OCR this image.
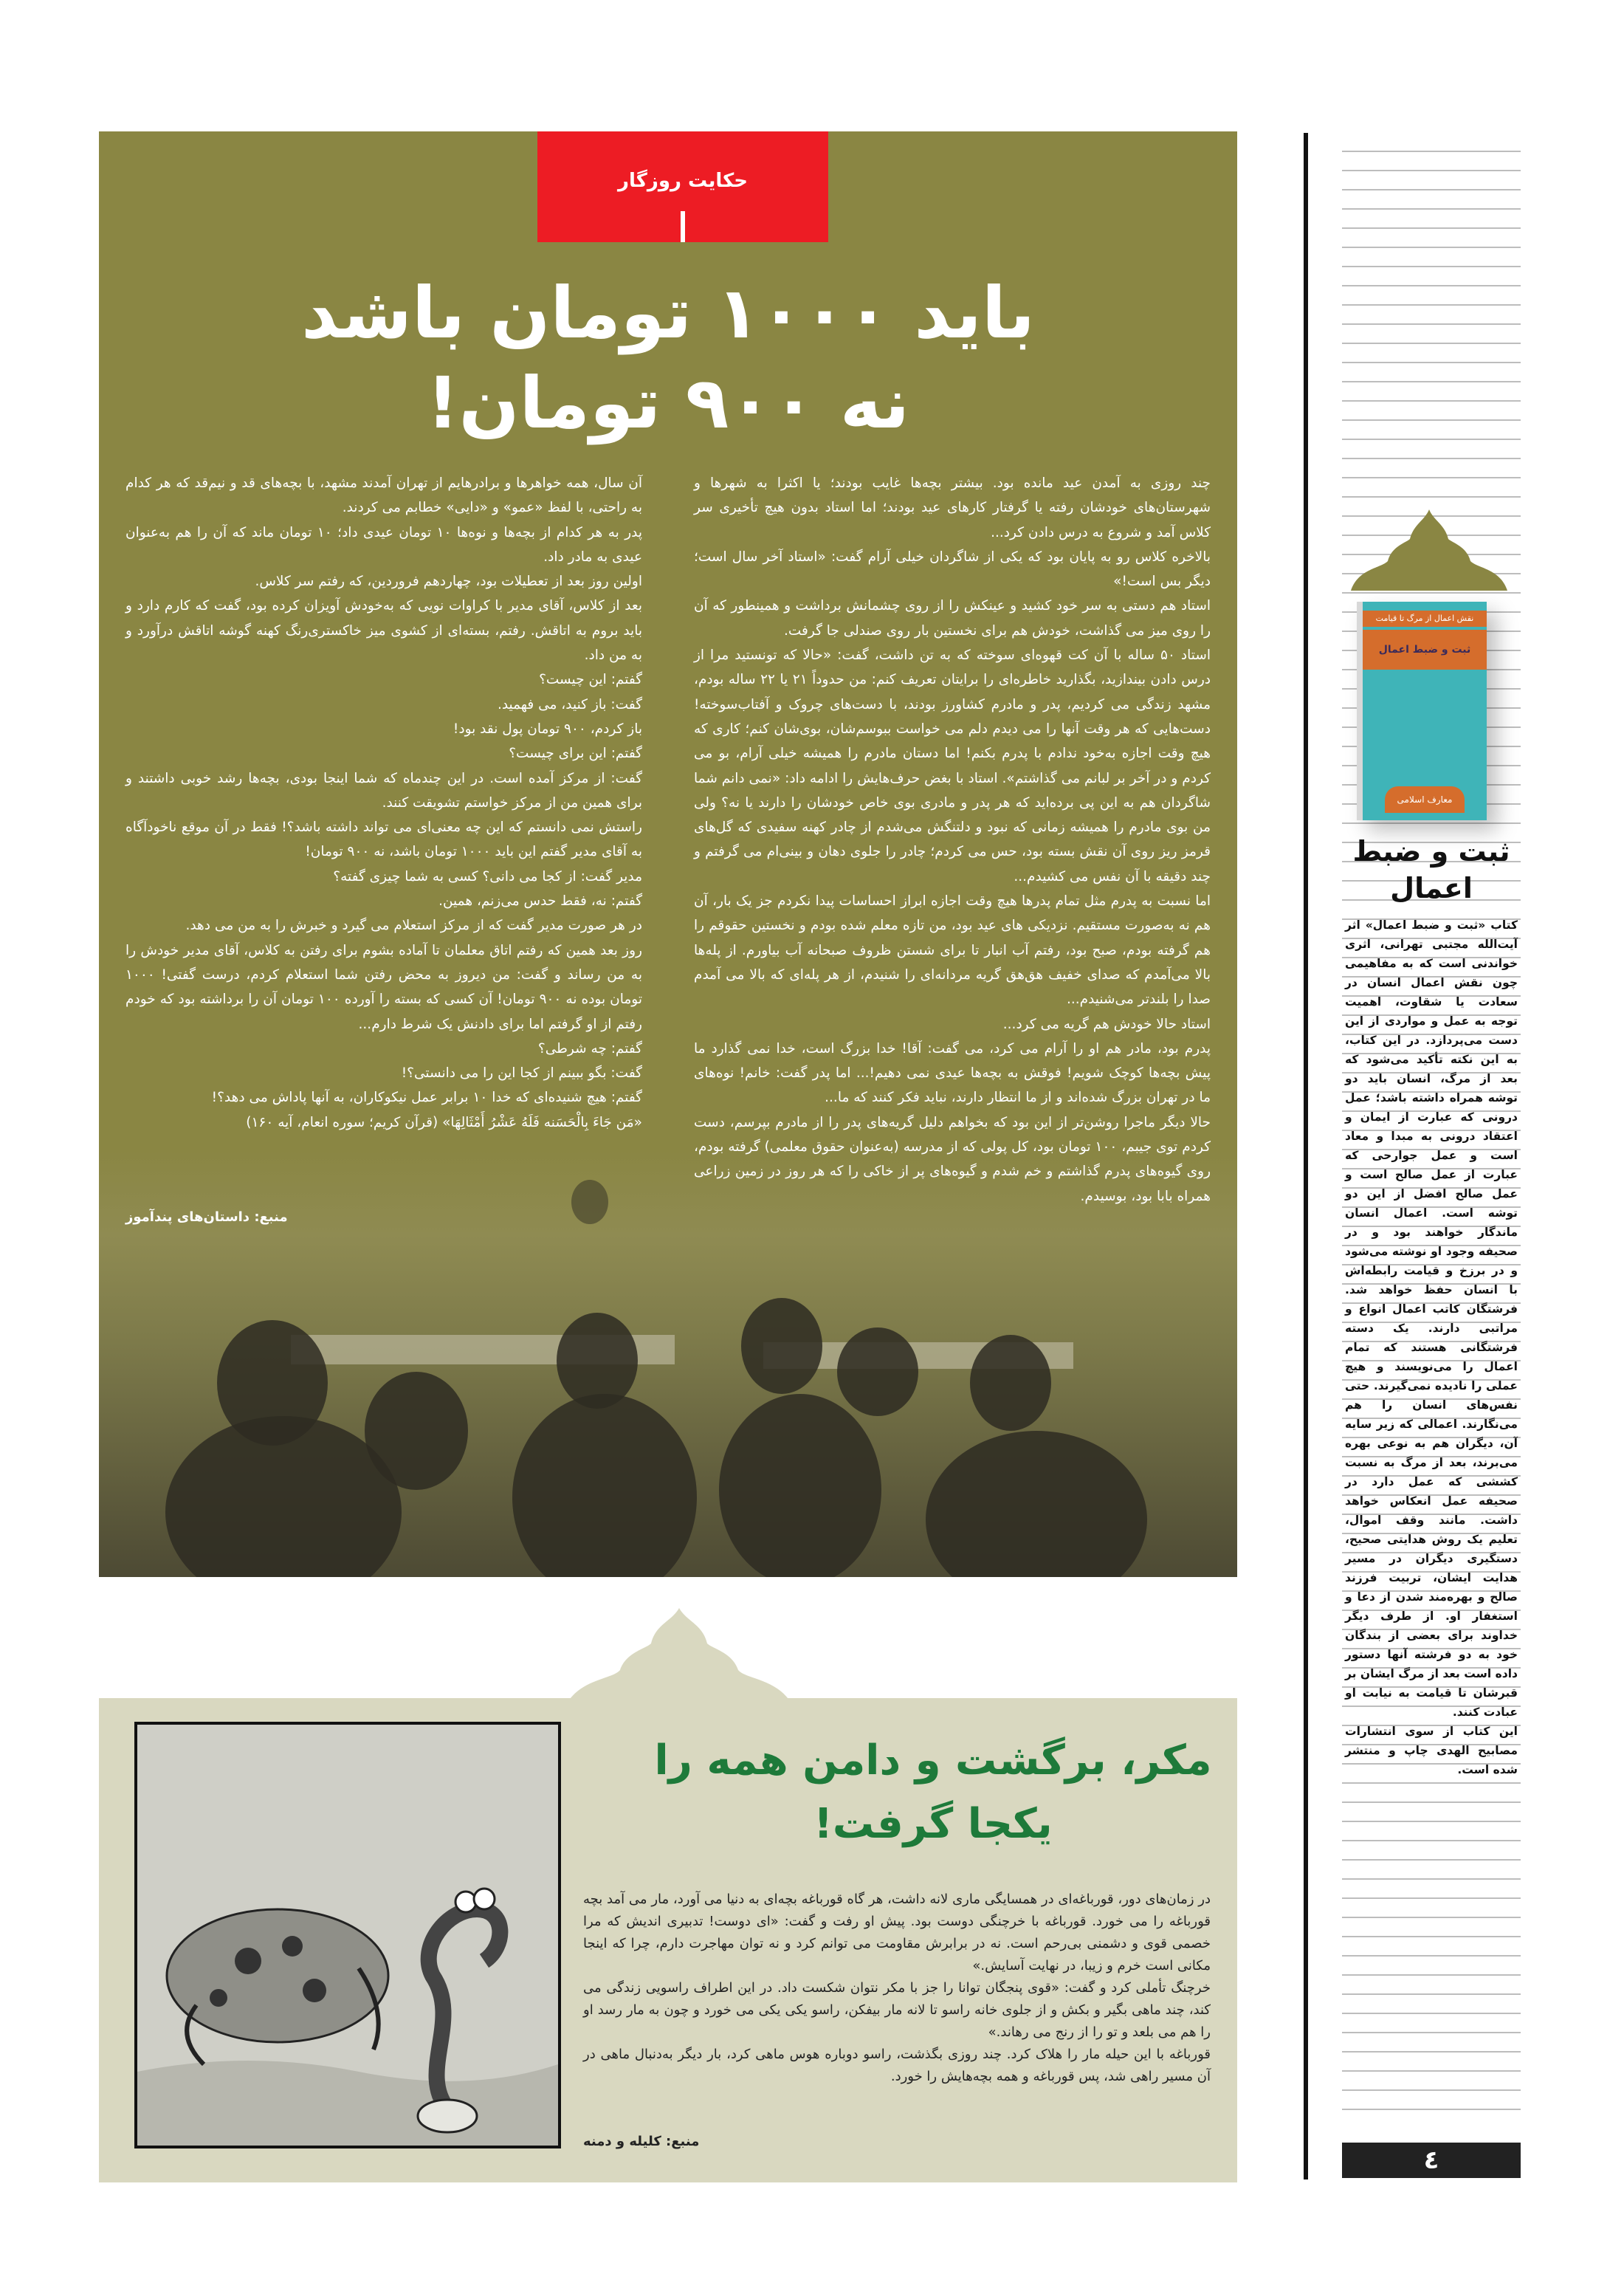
حکایت روزگار
باید ۱۰۰۰ تومان باشد
نه ۹۰۰ تومان!

چند روزی به آمدن عید مانده بود. بیشتر بچه‌ها غایب بودند؛ یا اکثرا به شهرها و شهرستان‌های خودشان رفته یا گرفتار کارهای عید بودند؛ اما استاد بدون هیچ تأخیری سر کلاس آمد و شروع به درس دادن کرد...

بالاخره کلاس رو به پایان بود که یکی از شاگردان خیلی آرام گفت: «استاد آخر سال است؛ دیگر بس است!»

استاد هم دستی به سر خود کشید و عینکش را از روی چشمانش برداشت و همینطور که آن را روی میز می گذاشت، خودش هم برای نخستین بار روی صندلی جا گرفت.

استاد ۵۰ ساله با آن کت قهوه‌ای سوخته که به تن داشت، گفت: «حالا که تونستید مرا از درس دادن بیندازید، بگذارید خاطره‌ای را برایتان تعریف کنم: من حدوداً ۲۱ یا ۲۲ ساله بودم، مشهد زندگی می کردیم، پدر و مادرم کشاورز بودند، با دست‌های چروک و آفتاب‌سوخته! دست‌هایی که هر وقت آنها را می دیدم دلم می خواست ببوسم‌شان، بوی‌شان کنم؛ کاری که هیچ وقت اجازه به‌خود ندادم با پدرم بکنم! اما دستان مادرم را همیشه خیلی آرام، بو می کردم و در آخر بر لبانم می گذاشتم». استاد با بغض حرف‌هایش را ادامه داد: «نمی دانم شما شاگردان هم به این پی برده‌اید که هر پدر و مادری بوی خاص خودشان را دارند یا نه؟ ولی من بوی مادرم را همیشه زمانی که نبود و دلتنگش می‌شدم از چادر کهنه سفیدی که گل‌های قرمز ریز روی آن نقش بسته بود، حس می کردم؛ چادر را جلوی دهان و بینی‌ام می گرفتم و چند دقیقه با آن نفس می کشیدم...

اما نسبت به پدرم مثل تمام پدرها هیچ وقت اجازه ابراز احساسات پیدا نکردم جز یک بار، آن هم نه به‌صورت مستقیم. نزدیکی های عید بود، من تازه معلم شده بودم و نخستین حقوقم را هم گرفته بودم، صبح بود، رفتم آب انبار تا برای شستن ظروف صبحانه آب بیاورم. از پله‌ها بالا می‌آمدم که صدای خفیف هق‌هق گریه مردانه‌ای را شنیدم، از هر پله‌ای که بالا می آمدم صدا را بلندتر می‌شنیدم...

استاد حالا خودش هم گریه می کرد...

پدرم بود، مادر هم او را آرام می کرد، می گفت: آقا! خدا بزرگ است، خدا نمی گذارد ما پیش بچه‌ها کوچک شویم! فوقش به بچه‌ها عیدی نمی دهیم!... اما پدر گفت: خانم! نوه‌های ما در تهران بزرگ شده‌اند و از ما انتظار دارند، نباید فکر کنند که ما...

حالا دیگر ماجرا روشن‌تر از این بود که بخواهم دلیل گریه‌های پدر را از مادرم بپرسم، دست کردم توی جیبم، ۱۰۰ تومان بود، کل پولی که از مدرسه (به‌عنوان حقوق معلمی) گرفته بودم، روی گیوه‌های پدرم گذاشتم و خم شدم و گیوه‌های پر از خاکی را که هر روز در زمین زراعی همراه بابا بود، بوسیدم.

آن سال، همه خواهرها و برادرهایم از تهران آمدند مشهد، با بچه‌های قد و نیم‌قد که هر کدام به راحتی، با لفظ «عمو» و «دایی» خطابم می کردند.

پدر به هر کدام از بچه‌ها و نوه‌ها ۱۰ تومان عیدی داد؛ ۱۰ تومان ماند که آن را هم به‌عنوان عیدی به مادر داد.

اولین روز بعد از تعطیلات بود، چهاردهم فروردین، که رفتم سر کلاس.

بعد از کلاس، آقای مدیر با کراوات نویی که به‌خودش آویزان کرده بود، گفت که کارم دارد و باید بروم به اتاقش. رفتم، بسته‌ای از کشوی میز خاکستری‌رنگ کهنه گوشه اتاقش درآورد و به من داد.

گفتم: این چیست؟

گفت: باز کنید، می فهمید.

باز کردم، ۹۰۰ تومان پول نقد بود!

گفتم: این برای چیست؟

گفت: از مرکز آمده است. در این چندماه که شما اینجا بودی، بچه‌ها رشد خوبی داشتند و برای همین من از مرکز خواستم تشویقت کنند.

راستش نمی دانستم که این چه معنی‌ای می تواند داشته باشد؟! فقط در آن موقع ناخودآگاه به آقای مدیر گفتم این باید ۱۰۰۰ تومان باشد، نه ۹۰۰ تومان!

مدیر گفت: از کجا می دانی؟ کسی به شما چیزی گفته؟

گفتم: نه، فقط حدس می‌زنم، همین.

در هر صورت مدیر گفت که از مرکز استعلام می گیرد و خبرش را به من می دهد.

روز بعد همین که رفتم اتاق معلمان تا آماده بشوم برای رفتن به کلاس، آقای مدیر خودش را به من رساند و گفت: من دیروز به محض رفتن شما استعلام کردم، درست گفتی! ۱۰۰۰ تومان بوده نه ۹۰۰ تومان! آن کسی که بسته را آورده ۱۰۰ تومان آن را برداشته بود که خودم رفتم از او گرفتم اما برای دادنش یک شرط دارم...

گفتم: چه شرطی؟

گفت: بگو ببینم از کجا این را می دانستی؟!

گفتم: هیچ شنیده‌ای که خدا ۱۰ برابر عمل نیکوکاران، به آنها پاداش می دهد؟!

«مَن جَاءَ بِالْحَسَنه فَلَهُ عَشْرُ أَمْثَالِهَا» (قرآن کریم؛ سوره انعام، آیه ۱۶۰)

منبع: داستان‌های پندآموز
نقش اعمال از مرگ تا قیامت
ثبت و ضبط اعمال
معارف اسلامی
ثبت و ضبط
اعمال

کتاب «ثبت و ضبط اعمال» اثر آیت‌الله مجتبی تهرانی، اثری خواندنی است که به مفاهیمی چون نقش اعمال انسان در سعادت یا شقاوت، اهمیت توجه به عمل و مواردی از این دست می‌پردازد. در این کتاب، به این نکته تأکید می‌شود که بعد از مرگ، انسان باید دو توشه همراه داشته باشد؛ عمل درونی که عبارت از ایمان و اعتقاد درونی به مبدا و معاد است و عمل جوارحی که عبارت از عمل صالح است و عمل صالح افضل از این دو توشه است. اعمال انسان ماندگار خواهند بود و در صحیفه وجود او نوشته می‌شود و در برزخ و قیامت رابطه‌اش با انسان حفظ خواهد شد. فرشتگان کاتب اعمال انواع و مراتبی دارند. یک دسته فرشتگانی هستند که تمام اعمال را می‌نویسند و هیچ عملی را نادیده نمی‌گیرند. حتی نفس‌های انسان را هم می‌نگارند. اعمالی که زیر سایه آن، دیگران هم به نوعی بهره می‌برند، بعد از مرگ به نسبت کششی که عمل دارد در صحیفه عمل انعکاس خواهد داشت. مانند وقف اموال، تعلیم یک روش هدایتی صحیح، دستگیری دیگران در مسیر هدایت ایشان، تربیت فرزند صالح و بهره‌مند شدن از دعا و استغفار او. از طرف دیگر خداوند برای بعضی از بندگان خود به دو فرشته آنها دستور داده است بعد از مرگ ایشان بر قبرشان تا قیامت به نیابت او عبادت کنند.

این کتاب از سوی انتشارات مصابیح الهدی چاپ و منتشر شده است.

٤
مکر، برگشت و دامن همه را
یکجا گرفت!

در زمان‌های دور، قورباغه‌ای در همسایگی ماری لانه داشت، هر گاه قورباغه بچه‌ای به دنیا می آورد، مار می آمد بچه قورباغه را می خورد. قورباغه با خرچنگی دوست بود. پیش او رفت و گفت: «ای دوست! تدبیری اندیش که مرا خصمی قوی و دشمنی بی‌رحم است. نه در برابرش مقاومت می توانم کرد و نه توان مهاجرت دارم، چرا که اینجا مکانی است خرم و زیبا، در نهایت آسایش.»

خرچنگ تأملی کرد و گفت: «قوی پنجگان توانا را جز با مکر نتوان شکست داد. در این اطراف راسویی زندگی می کند، چند ماهی بگیر و بکش و از جلوی خانه راسو تا لانه مار بیفکن، راسو یکی یکی می خورد و چون به مار رسد او را هم می بلعد و تو را از رنج می رهاند.»

قورباغه با این حیله مار را هلاک کرد. چند روزی بگذشت، راسو دوباره هوس ماهی کرد، بار دیگر به‌دنبال ماهی در آن مسیر راهی شد، پس قورباغه و همه بچه‌هایش را خورد.

منبع: کلیله و دمنه
